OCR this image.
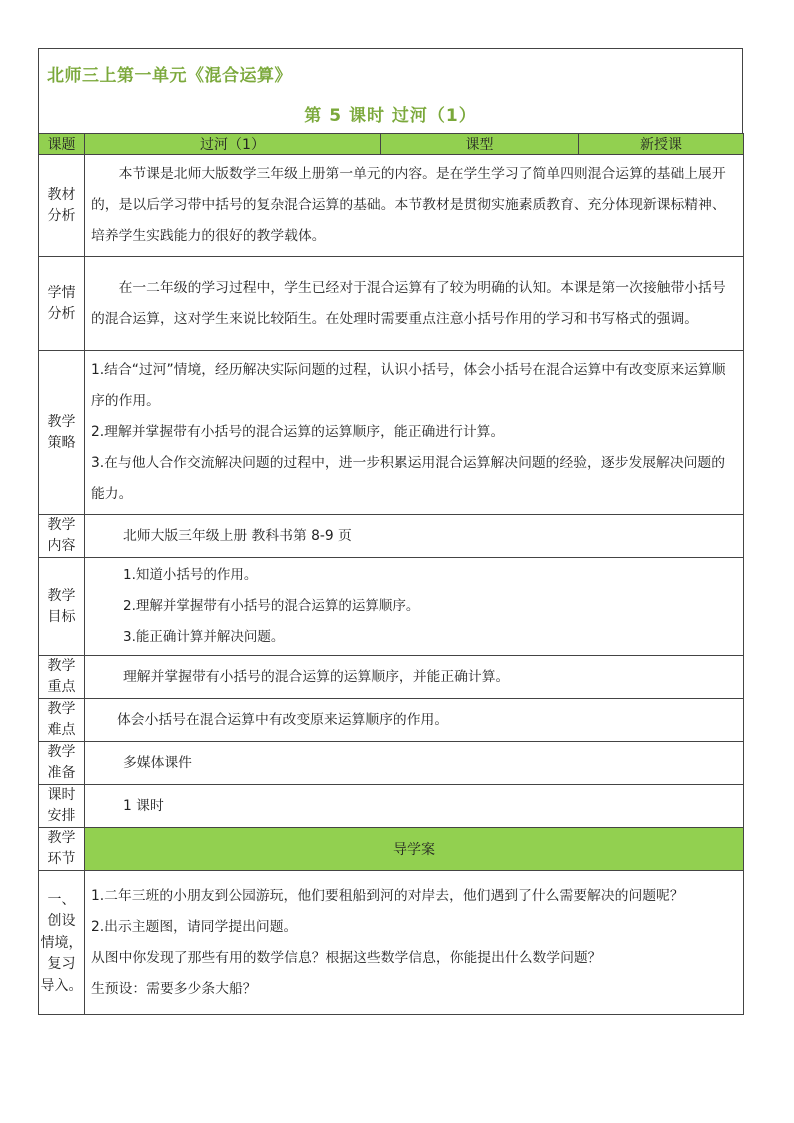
北师三上第一单元《混合运算》
第 5 课时 过河（1）
课题	过河（1）	课型	新授课

教材
分析	本节课是北师大版数学三年级上册第一单元的内容。是在学生学习了简单四则混合运算的基础上展开的，是以后学习带中括号的复杂混合运算的基础。本节教材是贯彻实施素质教育、充分体现新课标精神、培养学生实践能力的很好的教学载体。		

学情
分析	在一二年级的学习过程中，学生已经对于混合运算有了较为明确的认知。本课是第一次接触带小括号的混合运算，这对学生来说比较陌生。在处理时需要重点注意小括号作用的学习和书写格式的强调。		

教学
策略	1.结合“过河”情境，经历解决实际问题的过程，认识小括号，体会小括号在混合运算中有改变原来运算顺序的作用。
2.理解并掌握带有小括号的混合运算的运算顺序，能正确进行计算。
3.在与他人合作交流解决问题的过程中，进一步积累运用混合运算解决问题的经验，逐步发展解决问题的能力。		

教学
内容	北师大版三年级上册 教科书第 8-9 页		

教学
目标	1.知道小括号的作用。
2.理解并掌握带有小括号的混合运算的运算顺序。
3.能正确计算并解决问题。		

教学
重点	理解并掌握带有小括号的混合运算的运算顺序，并能正确计算。		

教学
难点	体会小括号在混合运算中有改变原来运算顺序的作用。		

教学
准备	多媒体课件		

课时
安排	1 课时		

教学
环节	导学案		

一、
创设
情境，
复习
导入。	1.二年三班的小朋友到公园游玩，他们要租船到河的对岸去，他们遇到了什么需要解决的问题呢？
2.出示主题图，请同学提出问题。
从图中你发现了那些有用的数学信息？根据这些数学信息，你能提出什么数学问题？
生预设：需要多少条大船？		
